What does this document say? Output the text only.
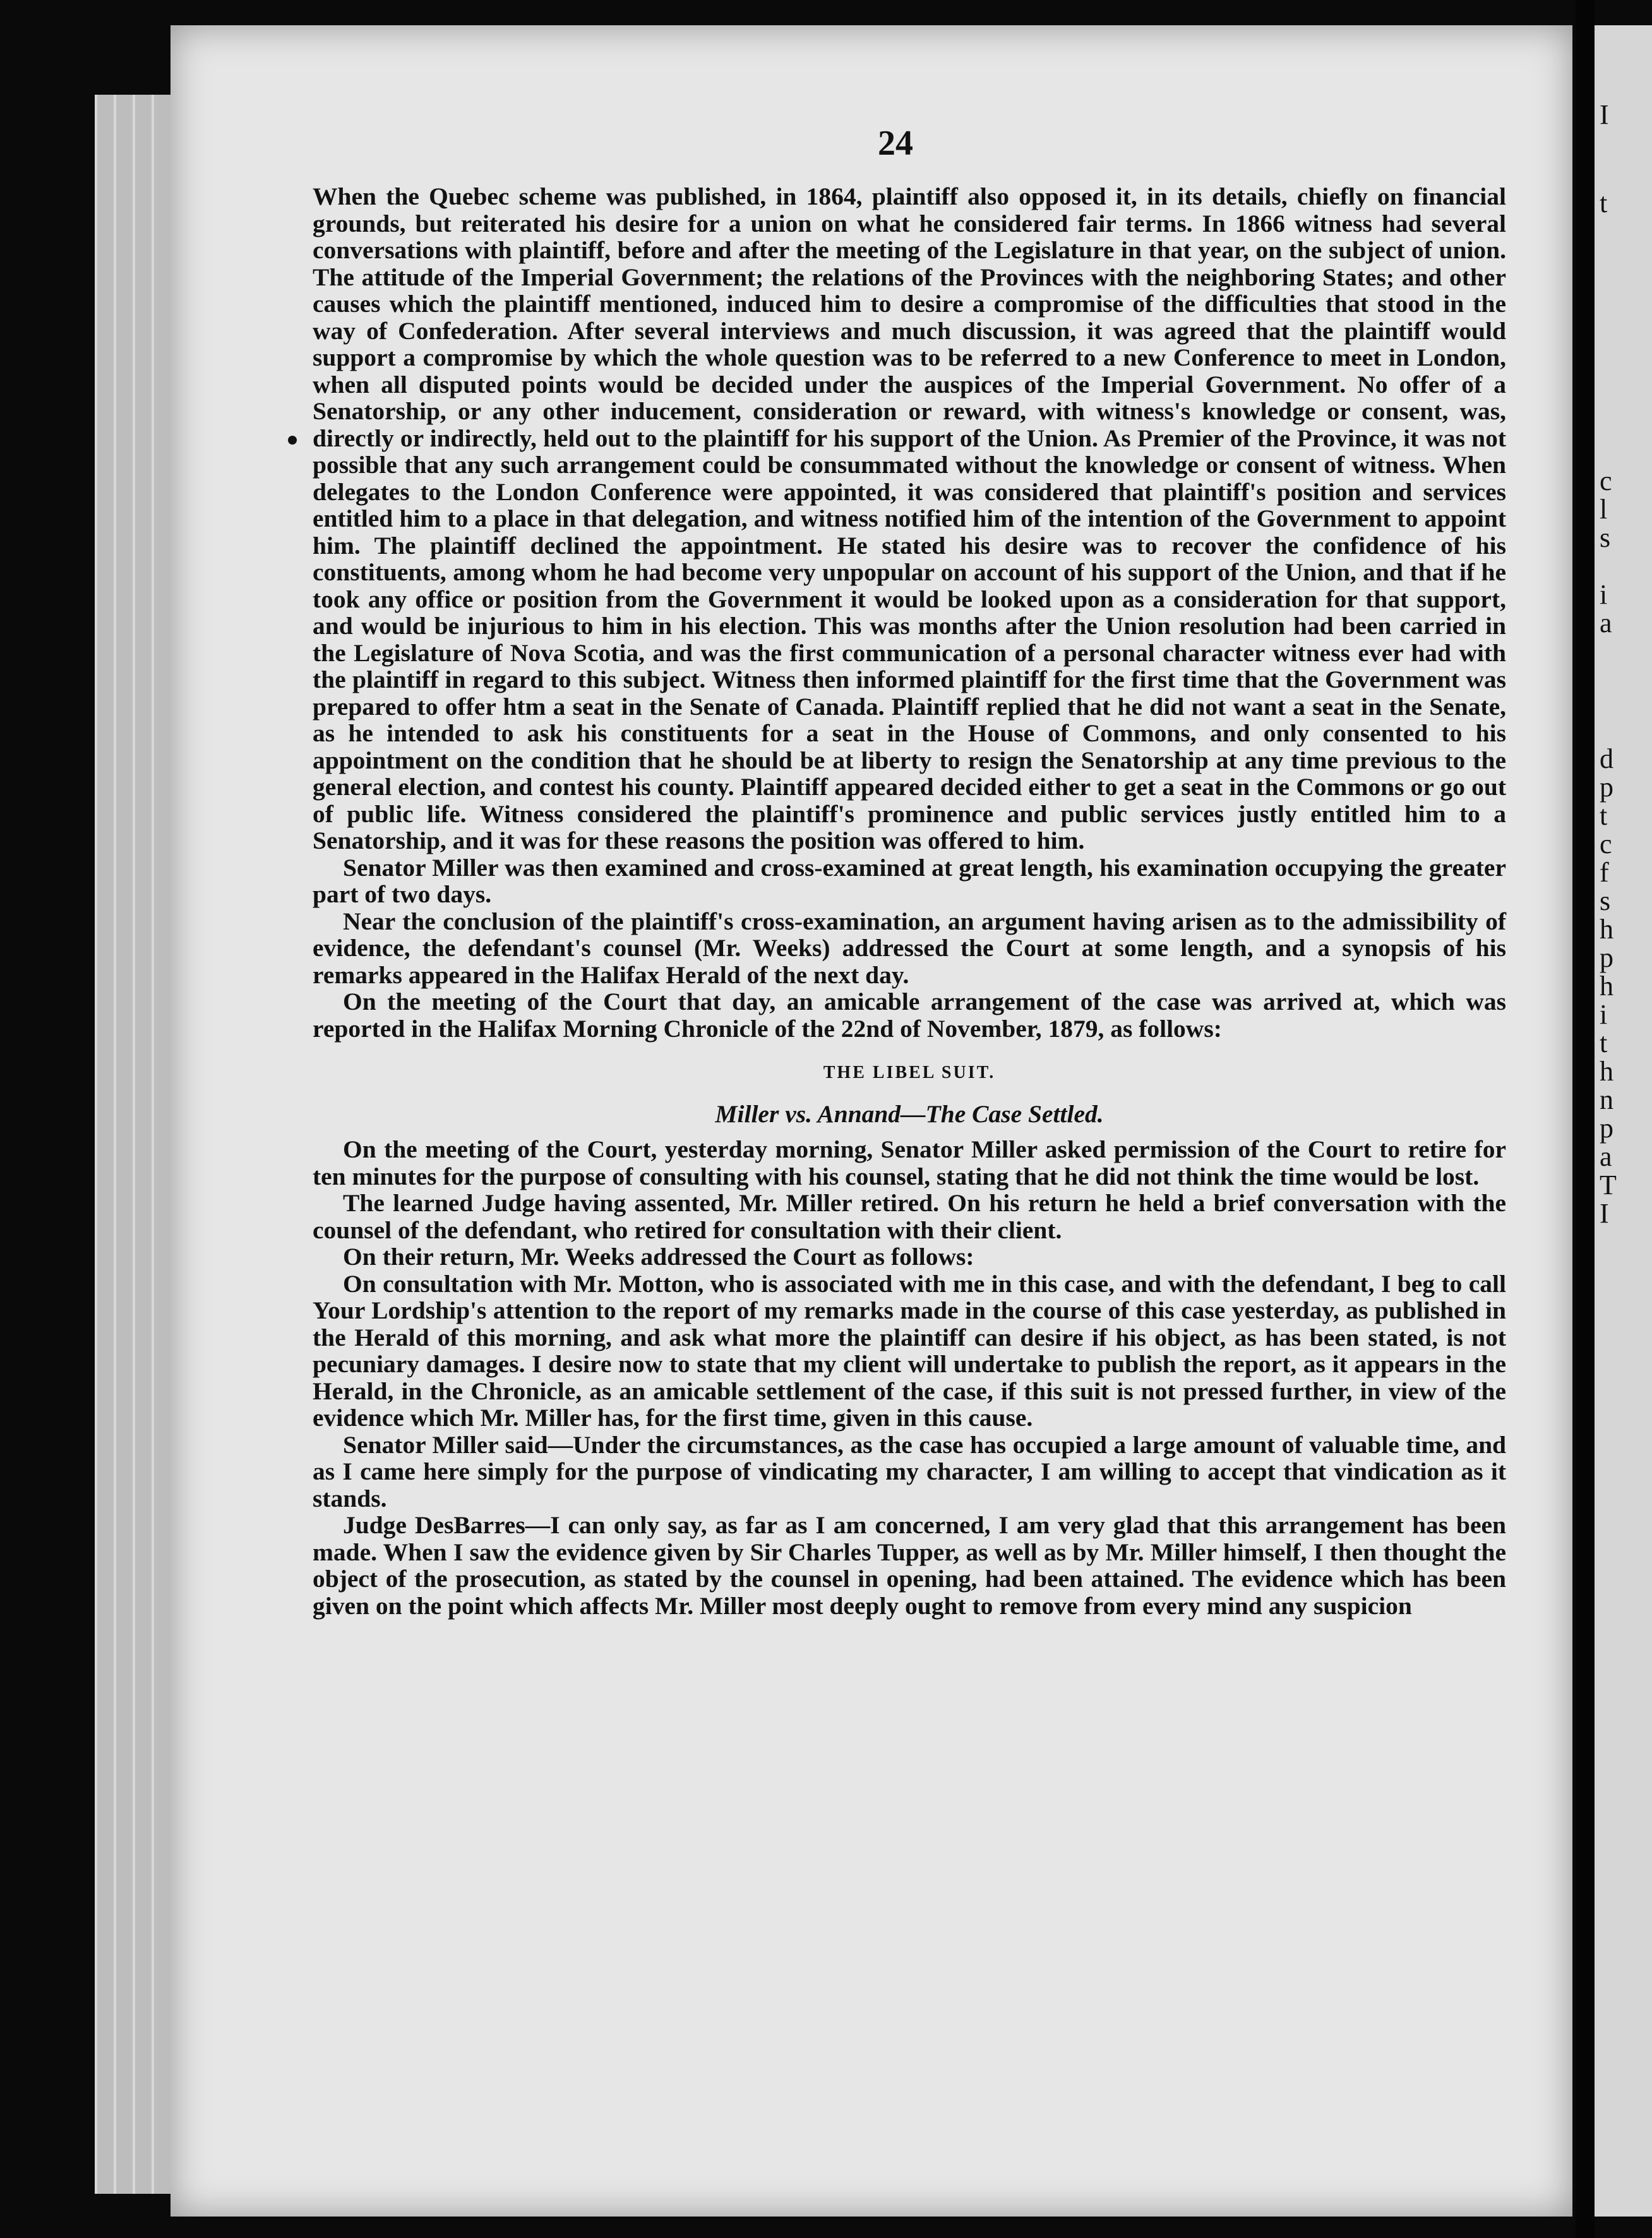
24

When the Quebec scheme was published, in 1864, plaintiff also opposed it, in its details, chiefly on financial grounds, but reiterated his desire for a union on what he considered fair terms. In 1866 witness had several conversations with plaintiff, before and after the meeting of the Legislature in that year, on the subject of union. The attitude of the Imperial Government; the relations of the Provinces with the neighboring States; and other causes which the plaintiff mentioned, induced him to desire a compromise of the difficulties that stood in the way of Confederation. After several interviews and much discussion, it was agreed that the plaintiff would support a compromise by which the whole question was to be referred to a new Conference to meet in London, when all disputed points would be decided under the auspices of the Imperial Government. No offer of a Senatorship, or any other inducement, consideration or reward, with witness's knowledge or consent, was, directly or indirectly, held out to the plaintiff for his support of the Union. As Premier of the Province, it was not possible that any such arrangement could be consummated without the knowledge or consent of witness. When delegates to the London Conference were appointed, it was considered that plaintiff's position and services entitled him to a place in that delegation, and witness notified him of the intention of the Government to appoint him. The plaintiff declined the appointment. He stated his desire was to recover the confidence of his constituents, among whom he had become very unpopular on account of his support of the Union, and that if he took any office or position from the Government it would be looked upon as a consideration for that support, and would be injurious to him in his election. This was months after the Union resolution had been carried in the Legislature of Nova Scotia, and was the first communication of a personal character witness ever had with the plaintiff in regard to this subject. Witness then informed plaintiff for the first time that the Government was prepared to offer htm a seat in the Senate of Canada. Plaintiff replied that he did not want a seat in the Senate, as he intended to ask his constituents for a seat in the House of Commons, and only consented to his appointment on the condition that he should be at liberty to resign the Senatorship at any time previous to the general election, and contest his county. Plaintiff appeared decided either to get a seat in the Commons or go out of public life. Witness considered the plaintiff's prominence and public services justly entitled him to a Senatorship, and it was for these reasons the position was offered to him.

Senator Miller was then examined and cross-examined at great length, his examination occupying the greater part of two days.

Near the conclusion of the plaintiff's cross-examination, an argument having arisen as to the admissibility of evidence, the defendant's counsel (Mr. Weeks) addressed the Court at some length, and a synopsis of his remarks appeared in the Halifax Herald of the next day.

On the meeting of the Court that day, an amicable arrangement of the case was arrived at, which was reported in the Halifax Morning Chronicle of the 22nd of November, 1879, as follows:

THE LIBEL SUIT.

Miller vs. Annand—The Case Settled.

On the meeting of the Court, yesterday morning, Senator Miller asked permission of the Court to retire for ten minutes for the purpose of consulting with his counsel, stating that he did not think the time would be lost.

The learned Judge having assented, Mr. Miller retired. On his return he held a brief conversation with the counsel of the defendant, who retired for consultation with their client.

On their return, Mr. Weeks addressed the Court as follows:

On consultation with Mr. Motton, who is associated with me in this case, and with the defendant, I beg to call Your Lordship's attention to the report of my remarks made in the course of this case yesterday, as published in the Herald of this morning, and ask what more the plaintiff can desire if his object, as has been stated, is not pecuniary damages. I desire now to state that my client will undertake to publish the report, as it appears in the Herald, in the Chronicle, as an amicable settlement of the case, if this suit is not pressed further, in view of the evidence which Mr. Miller has, for the first time, given in this cause.

Senator Miller said—Under the circumstances, as the case has occupied a large amount of valuable time, and as I came here simply for the purpose of vindicating my character, I am willing to accept that vindication as it stands.

Judge DesBarres—I can only say, as far as I am concerned, I am very glad that this arrangement has been made. When I saw the evidence given by Sir Charles Tupper, as well as by Mr. Miller himself, I then thought the object of the prosecution, as stated by the counsel in opening, had been attained. The evidence which has been given on the point which affects Mr. Miller most deeply ought to remove from every mind any suspicion

I
t
c
l
s
i
a
d
p
t
c
f
s
h
p
h
i
t
h
n
p
a
T
I
